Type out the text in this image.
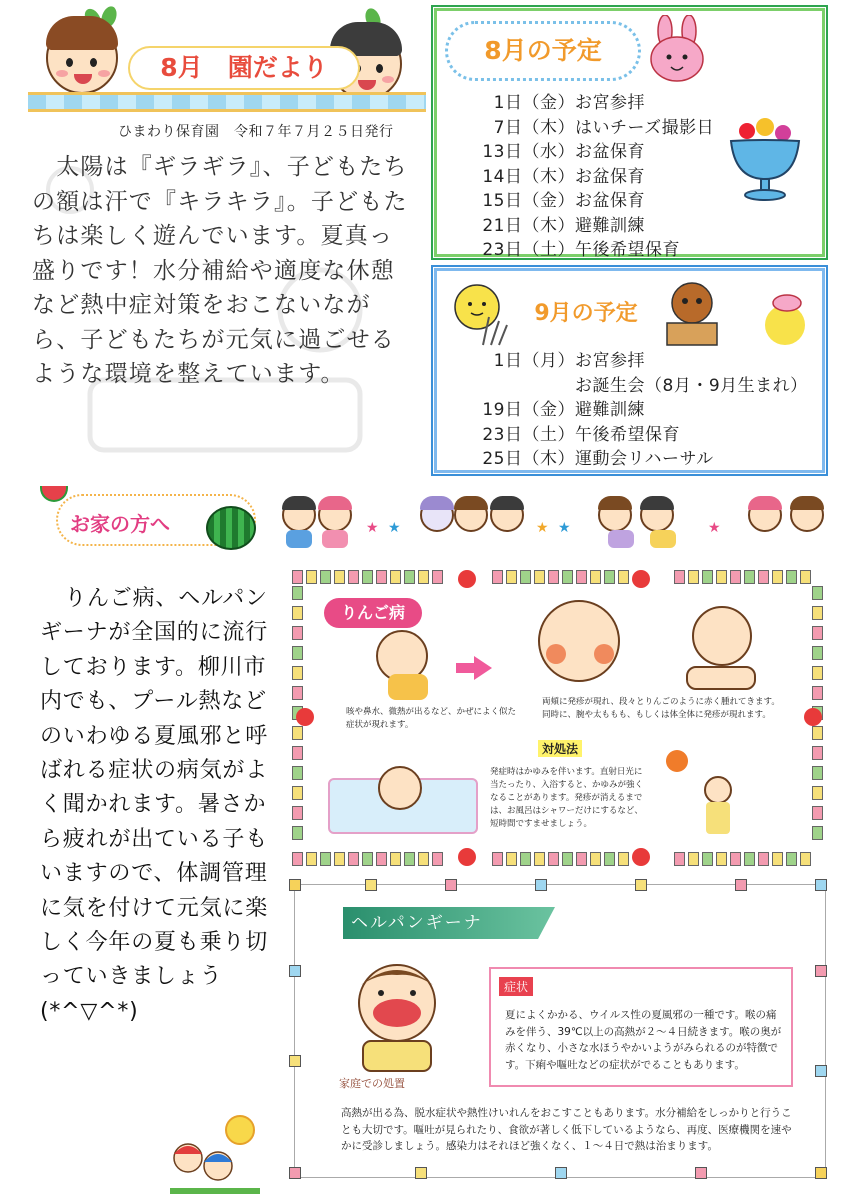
8月　園だより
ひまわり保育園　令和７年７月２５日発行
　太陽は『ギラギラ』、子どもたちの額は汗で『キラキラ』。子どもたちは楽しく遊んでいます。夏真っ盛りです！水分補給や適度な休憩など熱中症対策をおこないながら、子どもたちが元気に過ごせるような環境を整えています。
8月の予定
1日（金）お宮参拝
7日（木）はいチーズ撮影日
13日（水）お盆保育
14日（木）お盆保育
15日（金）お盆保育
21日（木）避難訓練
23日（土）午後希望保育
9月の予定
1日（月）お宮参拝
お誕生会（8月・9月生まれ）
19日（金）避難訓練
23日（土）午後希望保育
25日（木）運動会リハーサル
お家の方へ	★ ★	★ ★	★

りんご病、ヘルパンギーナが全国的に流行しております。柳川市内でも、プール熱などのいわゆる夏風邪と呼ばれる症状の病気がよく聞かれます。暑さから疲れが出ている子もいますので、体調管理に気を付けて元気に楽しく今年の夏も乗り切っていきましょう(*^▽^*)

りんご病
咳や鼻水、微熱が出るなど、かぜによく似た症状が現れます。
両頬に発疹が現れ、段々とりんごのように赤く腫れてきます。同時に、腕や太ももも、もしくは体全体に発疹が現れます。
対処法
発症時はかゆみを伴います。直射日光に当たったり、入浴すると、かゆみが強くなることがあります。発疹が消えるまでは、お風呂はシャワーだけにするなど、短時間ですませましょう。
ヘルパンギーナ
症状
夏によくかかる、ウイルス性の夏風邪の一種です。喉の痛みを伴う、39℃以上の高熱が２～４日続きます。喉の奥が赤くなり、小さな水ほうやかいようがみられるのが特徴です。下痢や嘔吐などの症状がでることもあります。
家庭での処置
高熱が出る為、脱水症状や熱性けいれんをおこすこともあります。水分補給をしっかりと行うことも大切です。嘔吐が見られたり、食欲が著しく低下しているようなら、再度、医療機関を速やかに受診しましょう。感染力はそれほど強くなく、１～４日で熱は治まります。
